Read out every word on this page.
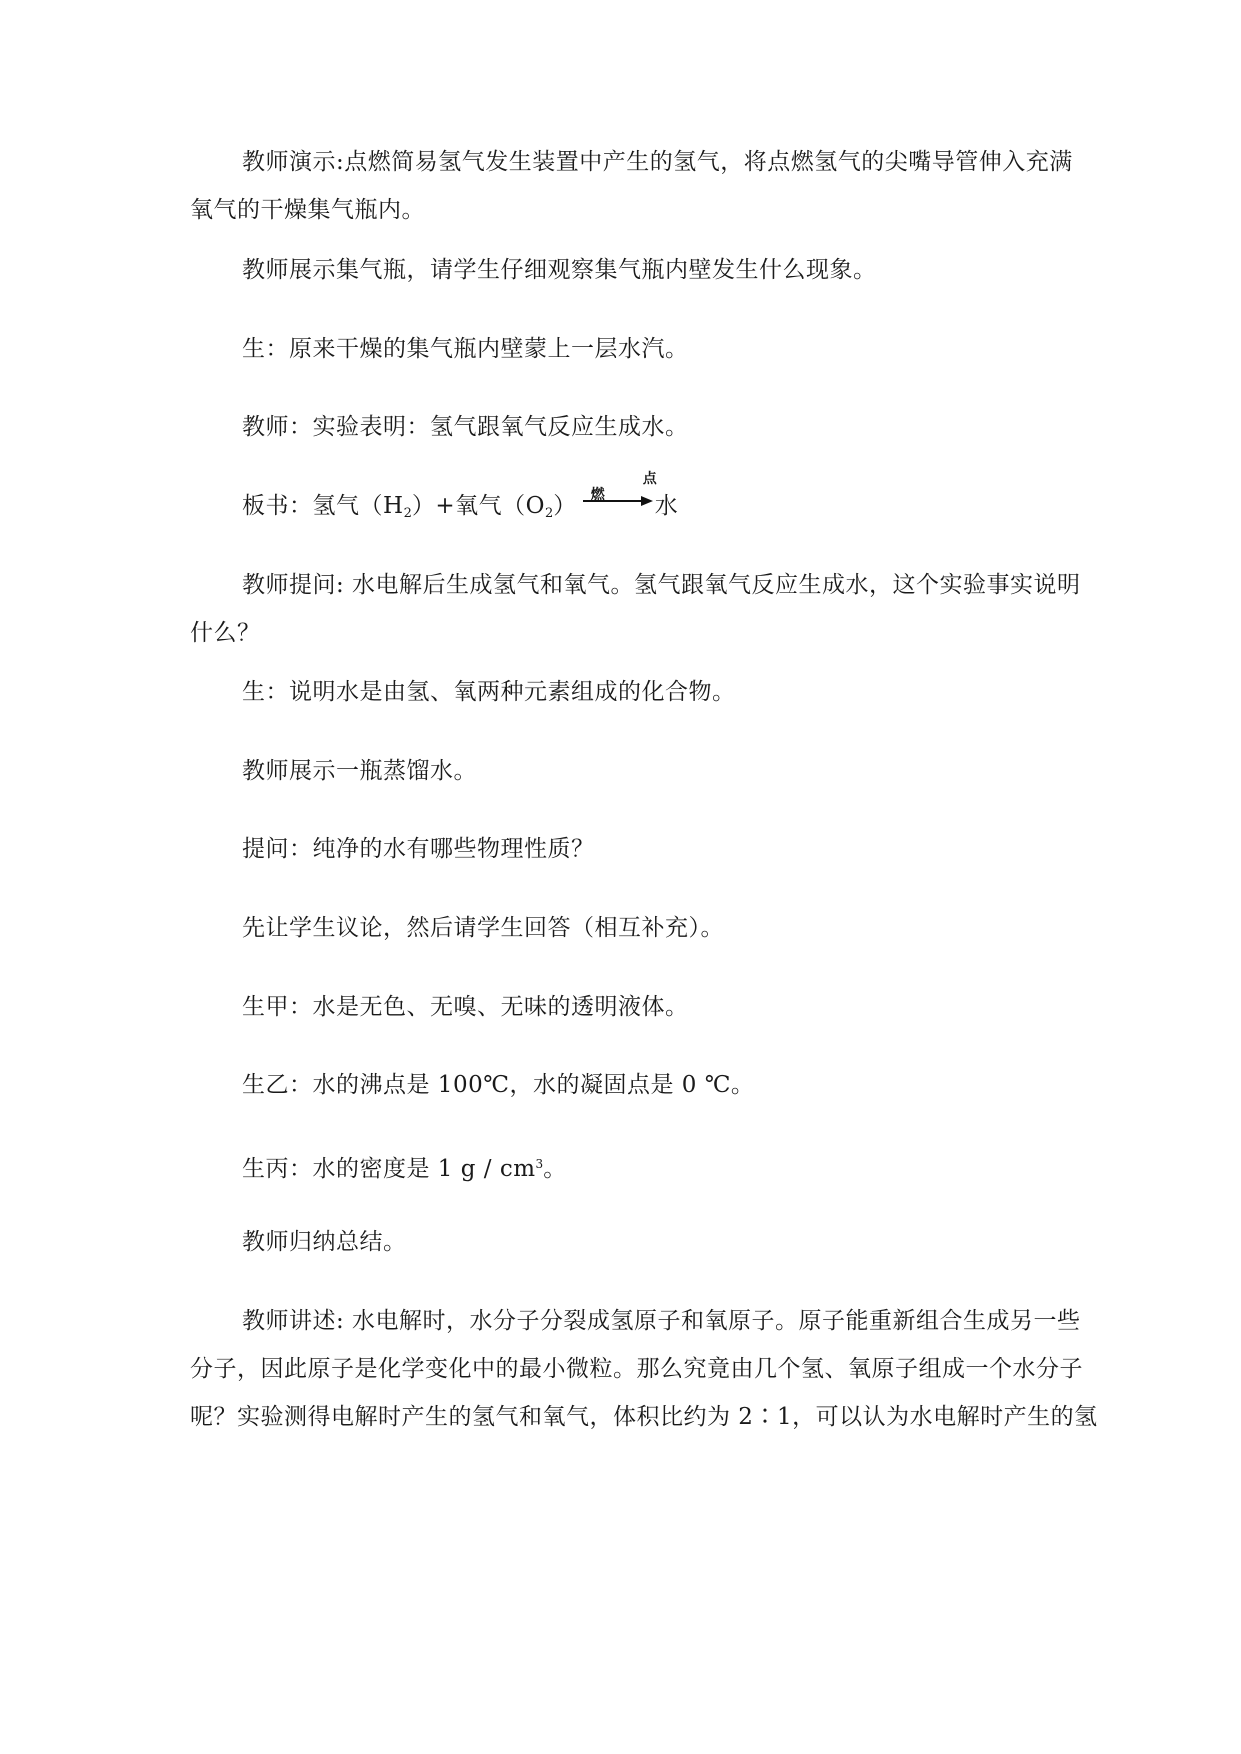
教师演示:点燃简易氢气发生装置中产生的氢气，将点燃氢气的尖嘴导管伸入充满
氧气的干燥集气瓶内。

教师展示集气瓶，请学生仔细观察集气瓶内壁发生什么现象。

生：原来干燥的集气瓶内壁蒙上一层水汽。

教师：实验表明：氢气跟氧气反应生成水。

板书：氢气$(H_2)+$氧气$(O_2)$
点燃	水

教师提问: 水电解后生成氢气和氧气。氢气跟氧气反应生成水，这个实验事实说明
什么？

生：说明水是由氢、氧两种元素组成的化合物。

教师展示一瓶蒸馏水。

提问：纯净的水有哪些物理性质？

先让学生议论，然后请学生回答（相互补充）。

生甲：水是无色、无嗅、无味的透明液体。

生乙：水的沸点是 100℃，水的凝固点是 0 ℃。

生丙：水的密度是 1 g / $cm^3$。

教师归纳总结。

教师讲述: 水电解时，水分子分裂成氢原子和氧原子。原子能重新组合生成另一些
分子，因此原子是化学变化中的最小微粒。那么究竟由几个氢、氧原子组成一个水分子
呢？实验测得电解时产生的氢气和氧气，体积比约为 2∶1，可以认为水电解时产生的氢
